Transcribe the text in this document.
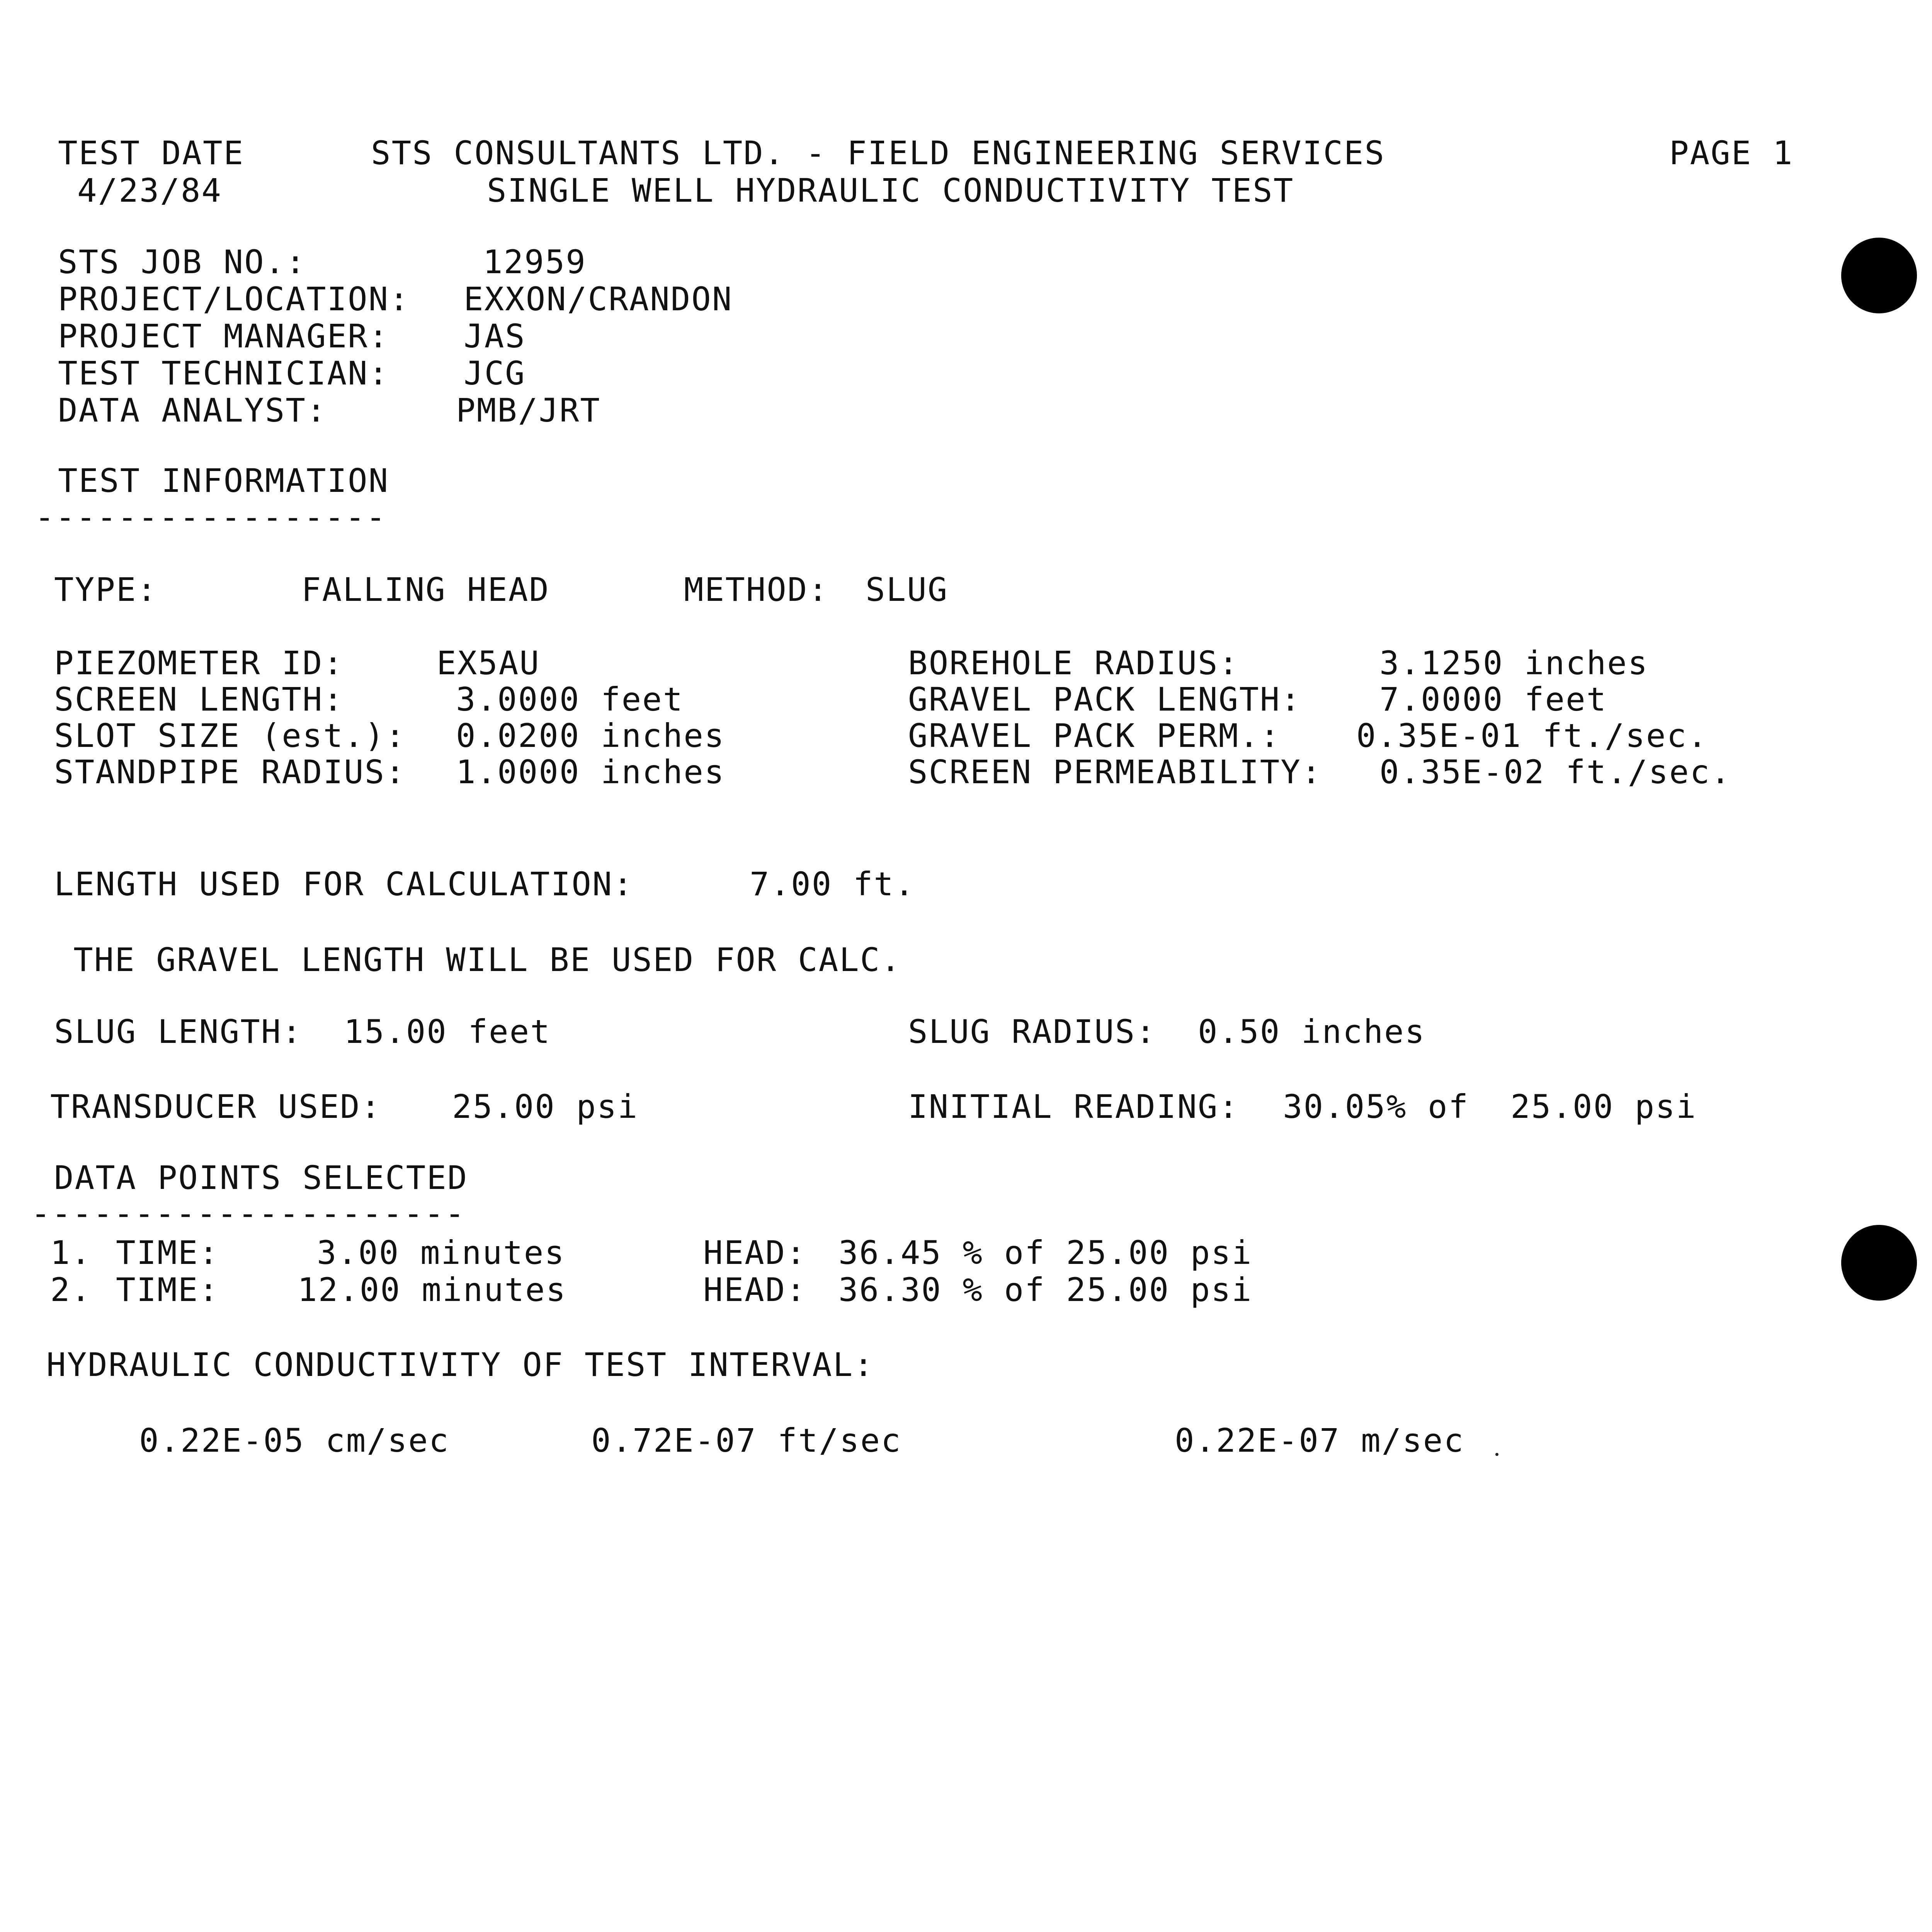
TEST DATE	STS CONSULTANTS LTD. - FIELD ENGINEERING SERVICES	PAGE 1
4/23/84	SINGLE WELL HYDRAULIC CONDUCTIVITY TEST
STS JOB NO.:	12959
PROJECT/LOCATION: EXXON/CRANDON
PROJECT MANAGER: JAS
TEST TECHNICIAN: JCG
DATA ANALYST:	PMB/JRT
TEST INFORMATION
-----------------
TYPE:	FALLING HEAD	METHOD: SLUG
PIEZOMETER ID:	EX5AU	BOREHOLE RADIUS:	3.1250 inches
SCREEN LENGTH:	3.0000 feet	GRAVEL PACK LENGTH: 7.0000 feet
SLOT SIZE (est.): 0.0200 inches	GRAVEL PACK PERM.: 0.35E-01 ft./sec.
STANDPIPE RADIUS: 1.0000 inches	SCREEN PERMEABILITY: 0.35E-02 ft./sec.
LENGTH USED FOR CALCULATION:	7.00 ft.
THE GRAVEL LENGTH WILL BE USED FOR CALC.
SLUG LENGTH: 15.00 feet	SLUG RADIUS: 0.50 inches
TRANSDUCER USED: 25.00 psi	INITIAL READING: 30.05% of  25.00 psi
DATA POINTS SELECTED
---------------------
1. TIME:	3.00 minutes	HEAD: 36.45 % of 25.00 psi
2. TIME: 12.00 minutes	HEAD: 36.30 % of 25.00 psi
HYDRAULIC CONDUCTIVITY OF TEST INTERVAL:
0.22E-05 cm/sec	0.72E-07 ft/sec	0.22E-07 m/sec
